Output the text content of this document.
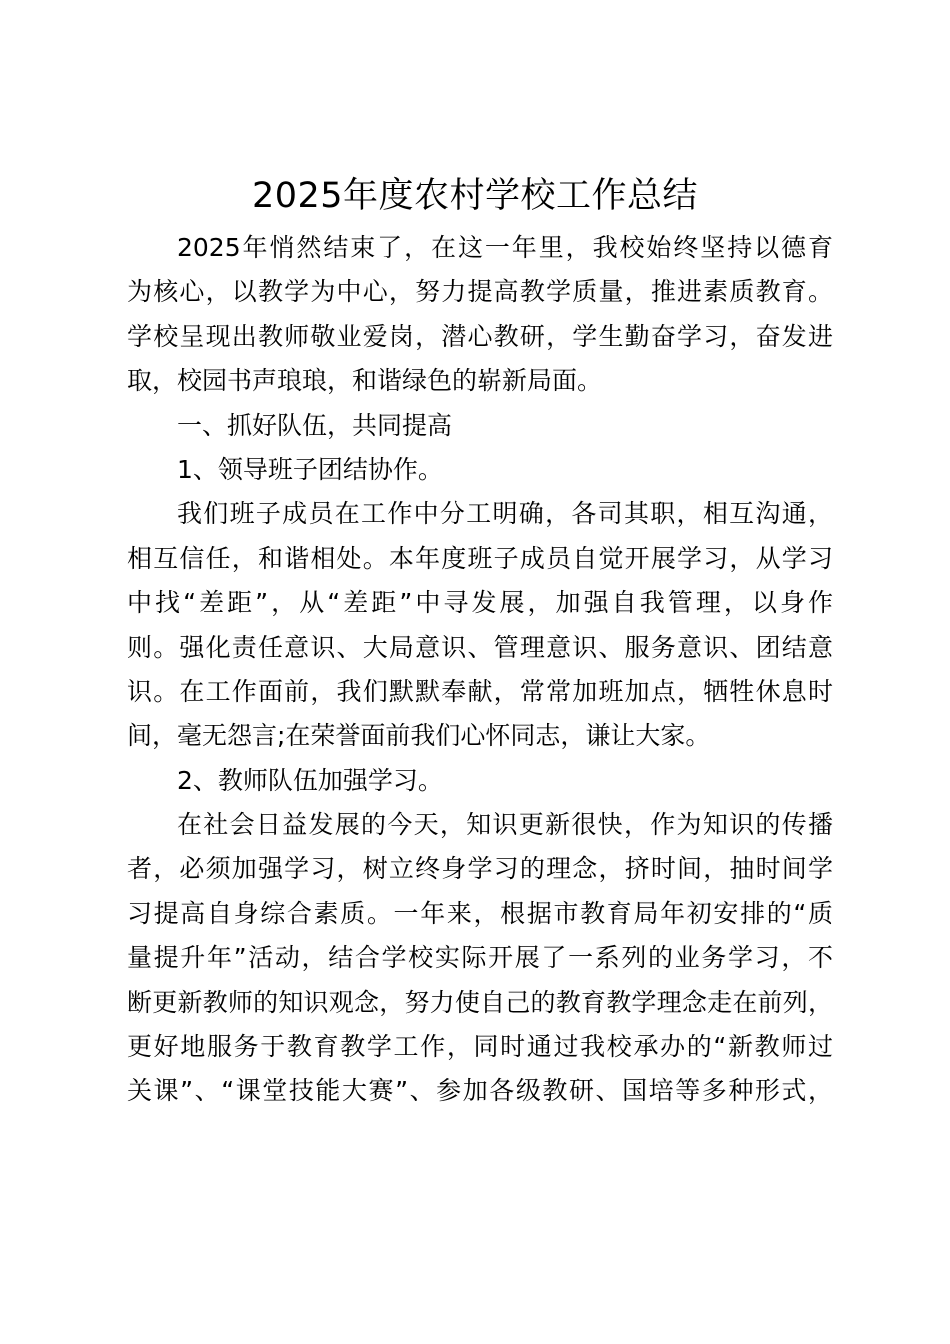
2025年度农村学校工作总结
2025年悄然结束了，在这一年里，我校始终坚持以德育
为核心，以教学为中心，努力提高教学质量，推进素质教育。
学校呈现出教师敬业爱岗，潜心教研，学生勤奋学习，奋发进
取，校园书声琅琅，和谐绿色的崭新局面。
一、抓好队伍，共同提高
1、领导班子团结协作。
我们班子成员在工作中分工明确，各司其职，相互沟通，
相互信任，和谐相处。本年度班子成员自觉开展学习，从学习
中找“差距”，从“差距”中寻发展，加强自我管理，以身作
则。强化责任意识、大局意识、管理意识、服务意识、团结意
识。在工作面前，我们默默奉献，常常加班加点，牺牲休息时
间，毫无怨言;在荣誉面前我们心怀同志，谦让大家。
2、教师队伍加强学习。
在社会日益发展的今天，知识更新很快，作为知识的传播
者，必须加强学习，树立终身学习的理念，挤时间，抽时间学
习提高自身综合素质。一年来，根据市教育局年初安排的“质
量提升年”活动，结合学校实际开展了一系列的业务学习，不
断更新教师的知识观念，努力使自己的教育教学理念走在前列，
更好地服务于教育教学工作，同时通过我校承办的“新教师过
关课”、“课堂技能大赛”、参加各级教研、国培等多种形式，
